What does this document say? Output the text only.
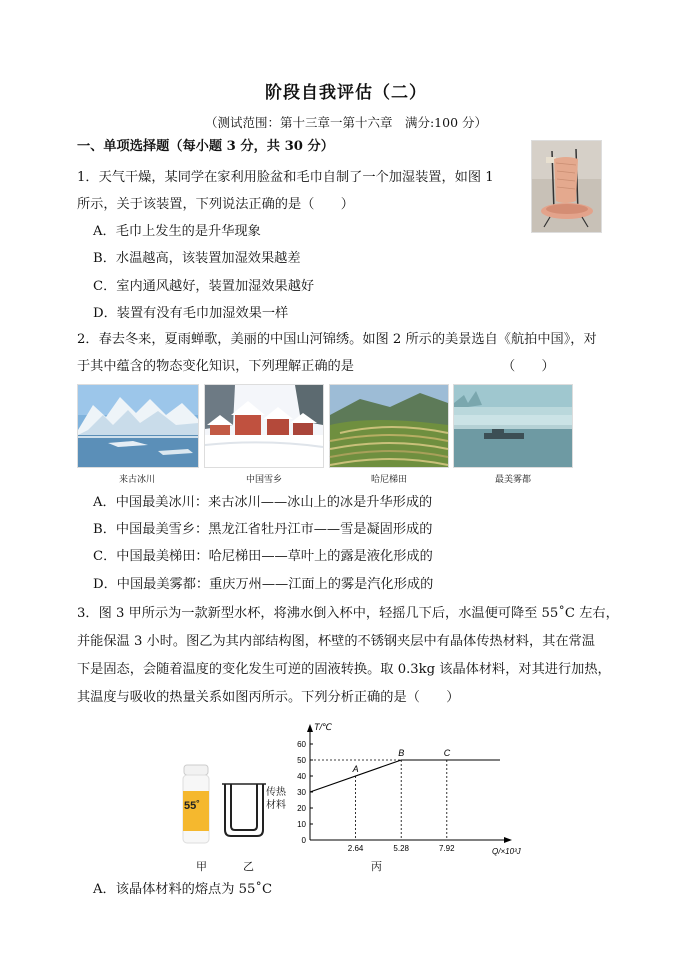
阶段自我评估（二）
（测试范围：第十三章一第十六章　满分:100 分）
一、单项选择题（每小题 3 分，共 30 分）
1．天气干燥，某同学在家利用脸盆和毛巾自制了一个加湿装置，如图 1
所示，关于该装置，下列说法正确的是（　　）
A．毛巾上发生的是升华现象
B．水温越高，该装置加湿效果越差
C．室内通风越好，装置加湿效果越好
D．装置有没有毛巾加湿效果一样
2．春去冬来，夏雨蝉歌，美丽的中国山河锦绣。如图 2 所示的美景选自《航拍中国》，对
于其中蕴含的物态变化知识，下列理解正确的是	（　　）
来古冰川	中国雪乡	哈尼梯田	最美雾都
A．中国最美冰川：来古冰川——冰山上的冰是升华形成的
B．中国最美雪乡：黑龙江省牡丹江市——雪是凝固形成的
C．中国最美梯田：哈尼梯田——草叶上的露是液化形成的
D．中国最美雾都：重庆万州——江面上的雾是汽化形成的
3．图 3 甲所示为一款新型水杯，将沸水倒入杯中，轻摇几下后，水温便可降至 55˚C 左右，
并能保温 3 小时。图乙为其内部结构图，杯壁的不锈钢夹层中有晶体传热材料，其在常温
下是固态，会随着温度的变化发生可逆的固液转换。取 0.3kg 该晶体材料，对其进行加热，
其温度与吸收的热量关系如图丙所示。下列分析正确的是（　　）
55˚
传热
材料
10
20
30
40
50
60
0
2.64	5.28	7.92
A
B	C
T/℃
Q/×10³J
甲	乙	丙
A．该晶体材料的熔点为 55˚C
